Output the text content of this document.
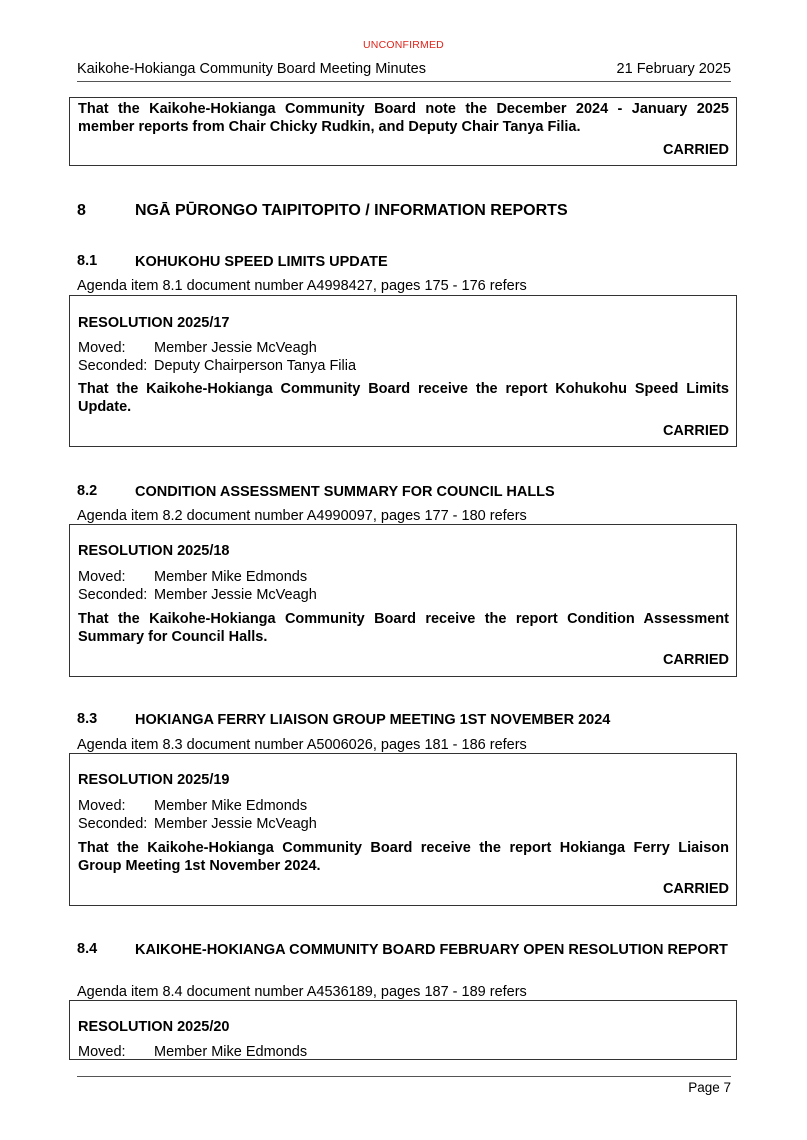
UNCONFIRMED
Kaikohe-Hokianga Community Board Meeting Minutes	21 February 2025
That the Kaikohe-Hokianga Community Board note the December 2024 - January 2025 member reports from Chair Chicky Rudkin, and Deputy Chair Tanya Filia.
CARRIED
8	NGĀ PŪRONGO TAIPITOPITO / INFORMATION REPORTS
8.1	KOHUKOHU SPEED LIMITS UPDATE
Agenda item 8.1 document number A4998427, pages 175 - 176 refers
RESOLUTION 2025/17
Moved: Member Jessie McVeagh
Seconded: Deputy Chairperson Tanya Filia
That the Kaikohe-Hokianga Community Board receive the report Kohukohu Speed Limits Update.
CARRIED
8.2	CONDITION ASSESSMENT SUMMARY FOR COUNCIL HALLS
Agenda item 8.2 document number A4990097, pages 177 - 180 refers
RESOLUTION 2025/18
Moved: Member Mike Edmonds
Seconded: Member Jessie McVeagh
That the Kaikohe-Hokianga Community Board receive the report Condition Assessment Summary for Council Halls.
CARRIED
8.3	HOKIANGA FERRY LIAISON GROUP MEETING 1ST NOVEMBER 2024
Agenda item 8.3 document number A5006026, pages 181 - 186 refers
RESOLUTION 2025/19
Moved: Member Mike Edmonds
Seconded: Member Jessie McVeagh
That the Kaikohe-Hokianga Community Board receive the report Hokianga Ferry Liaison Group Meeting 1st November 2024.
CARRIED
8.4	KAIKOHE-HOKIANGA COMMUNITY BOARD FEBRUARY OPEN RESOLUTION REPORT
Agenda item 8.4 document number A4536189, pages 187 - 189 refers
RESOLUTION 2025/20
Moved: Member Mike Edmonds
Page 7
